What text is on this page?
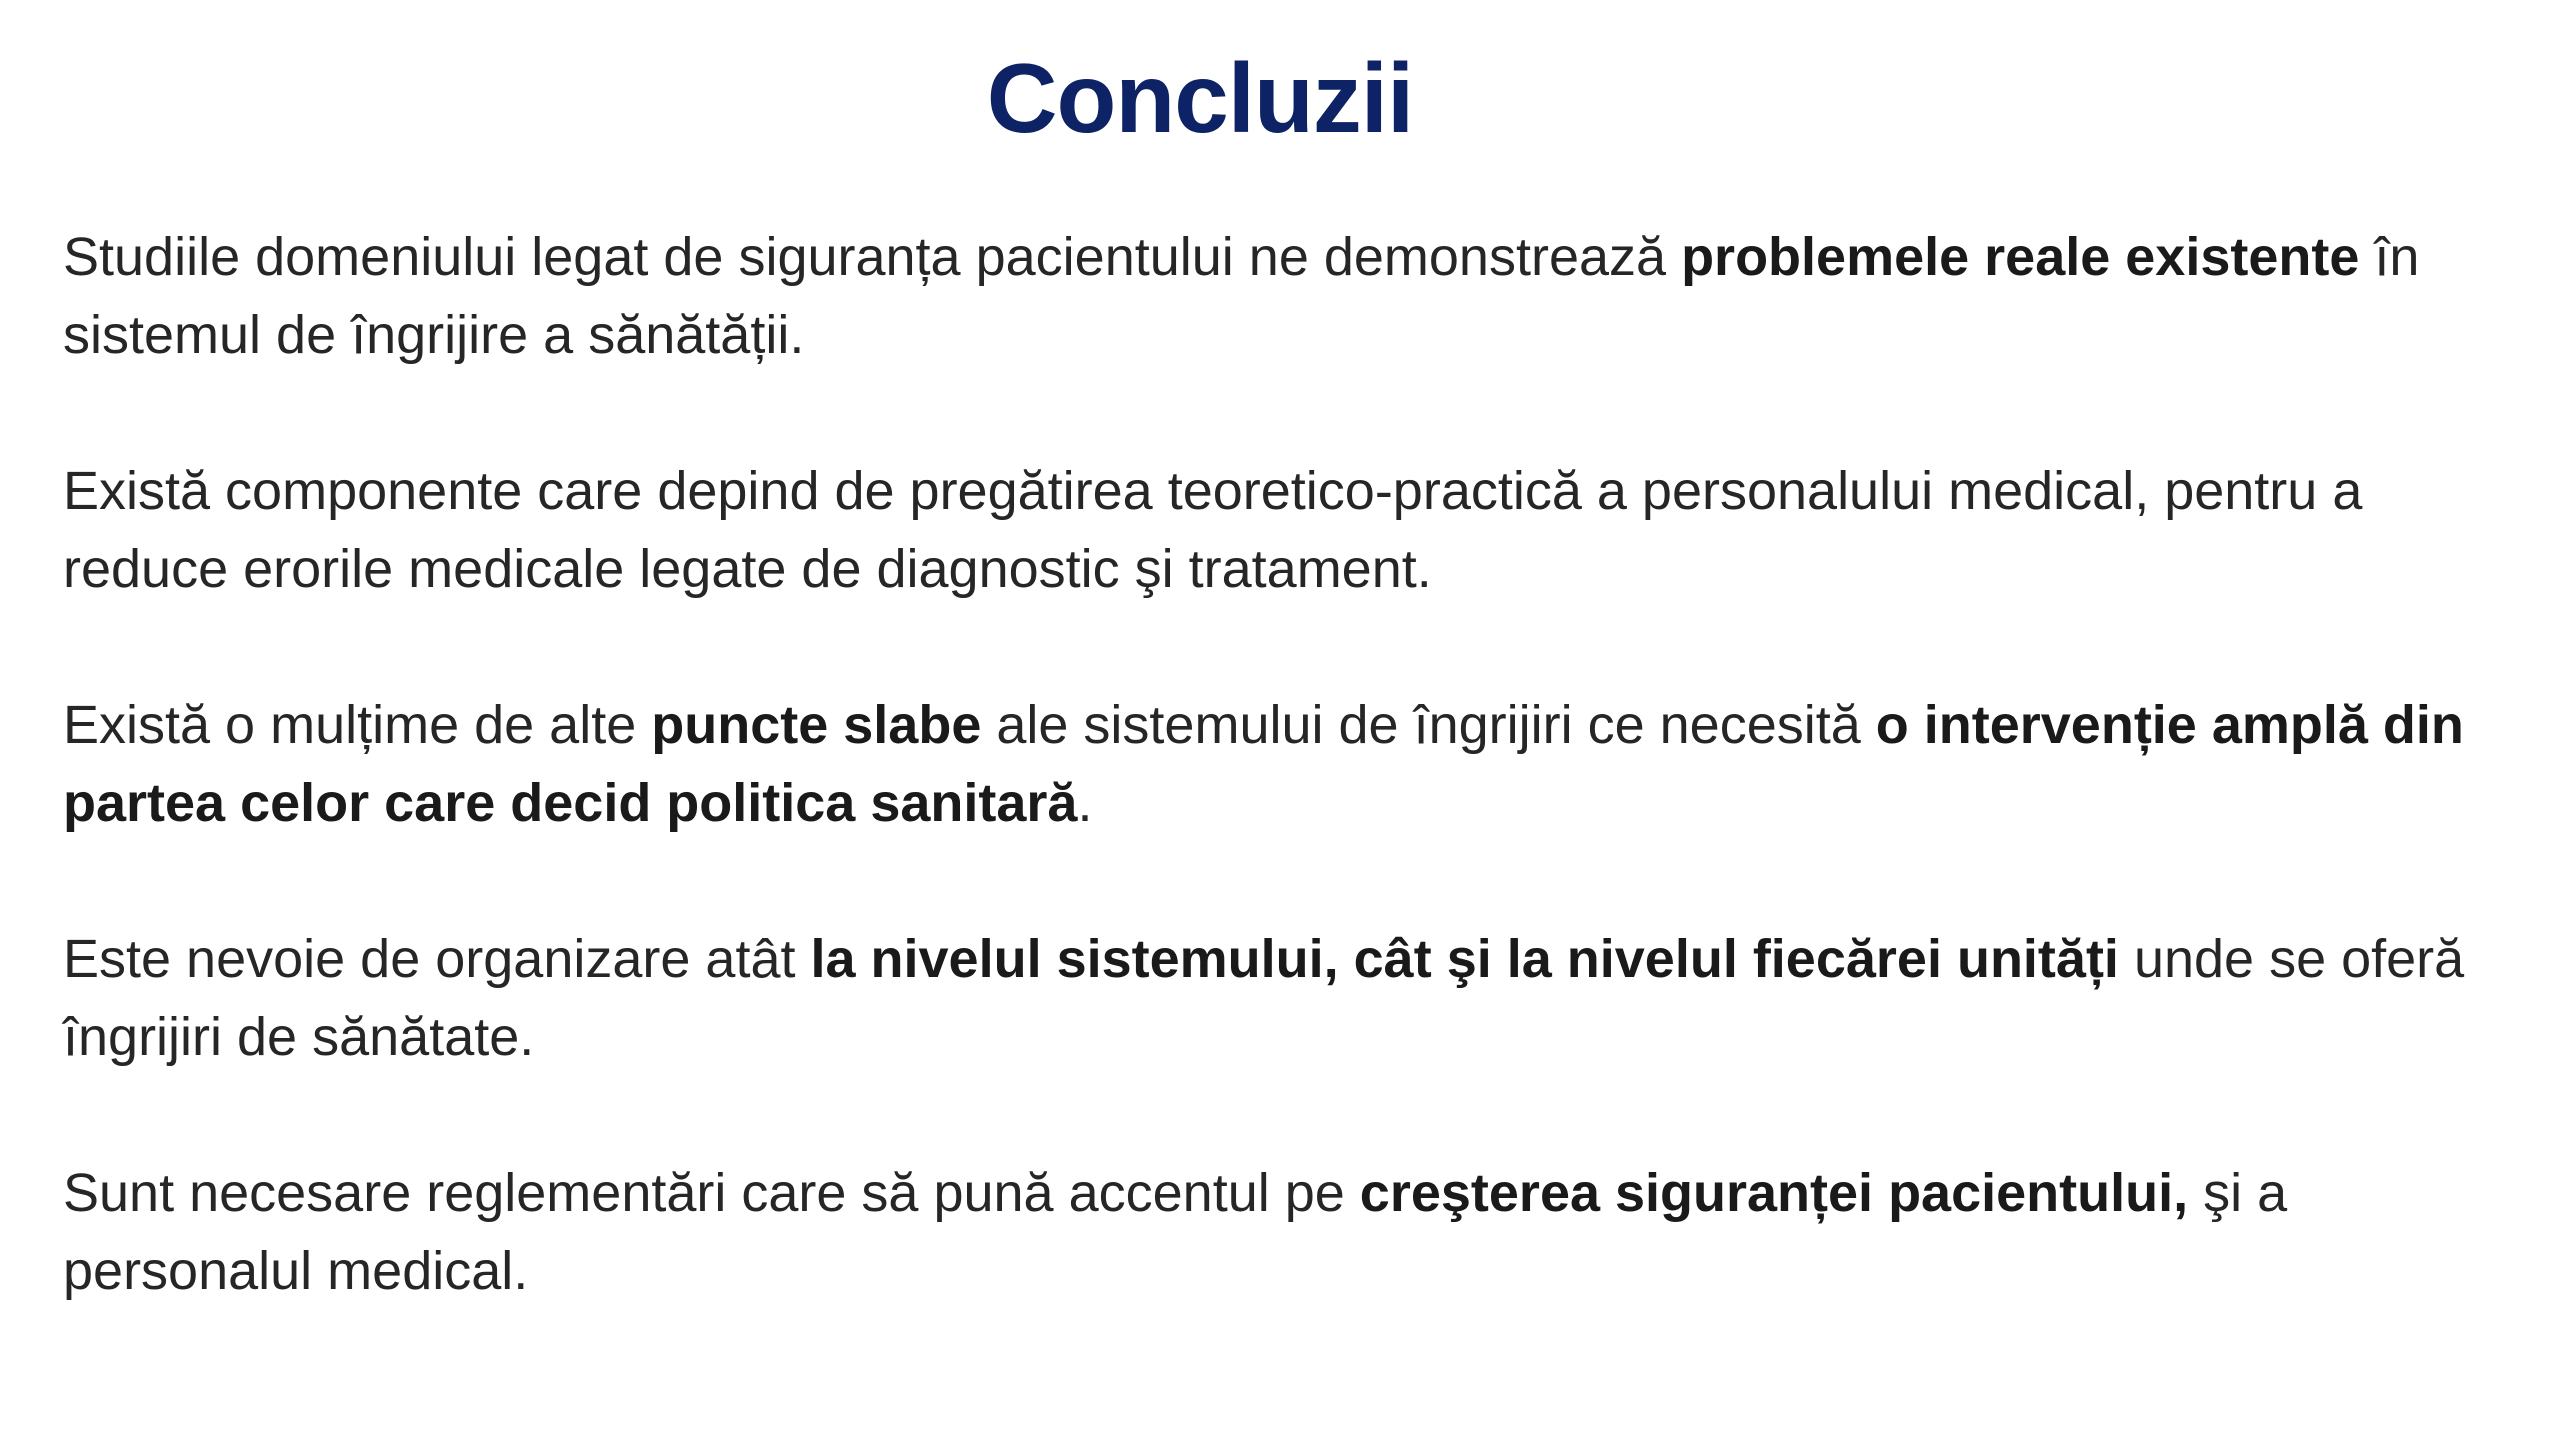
Concluzii

Studiile domeniului legat de siguranța pacientului ne demonstrează problemele reale existente în sistemul de îngrijire a sănătății.

Există componente care depind de pregătirea teoretico-practică a personalului medical, pentru a reduce erorile medicale legate de diagnostic şi tratament.

Există o mulțime de alte puncte slabe ale sistemului de îngrijiri ce necesită o intervenție amplă din partea celor care decid politica sanitară.

Este nevoie de organizare atât la nivelul sistemului, cât şi la nivelul fiecărei unități unde se oferă îngrijiri de sănătate.

Sunt necesare reglementări care să pună accentul pe creşterea siguranței pacientului, şi a personalul medical.
